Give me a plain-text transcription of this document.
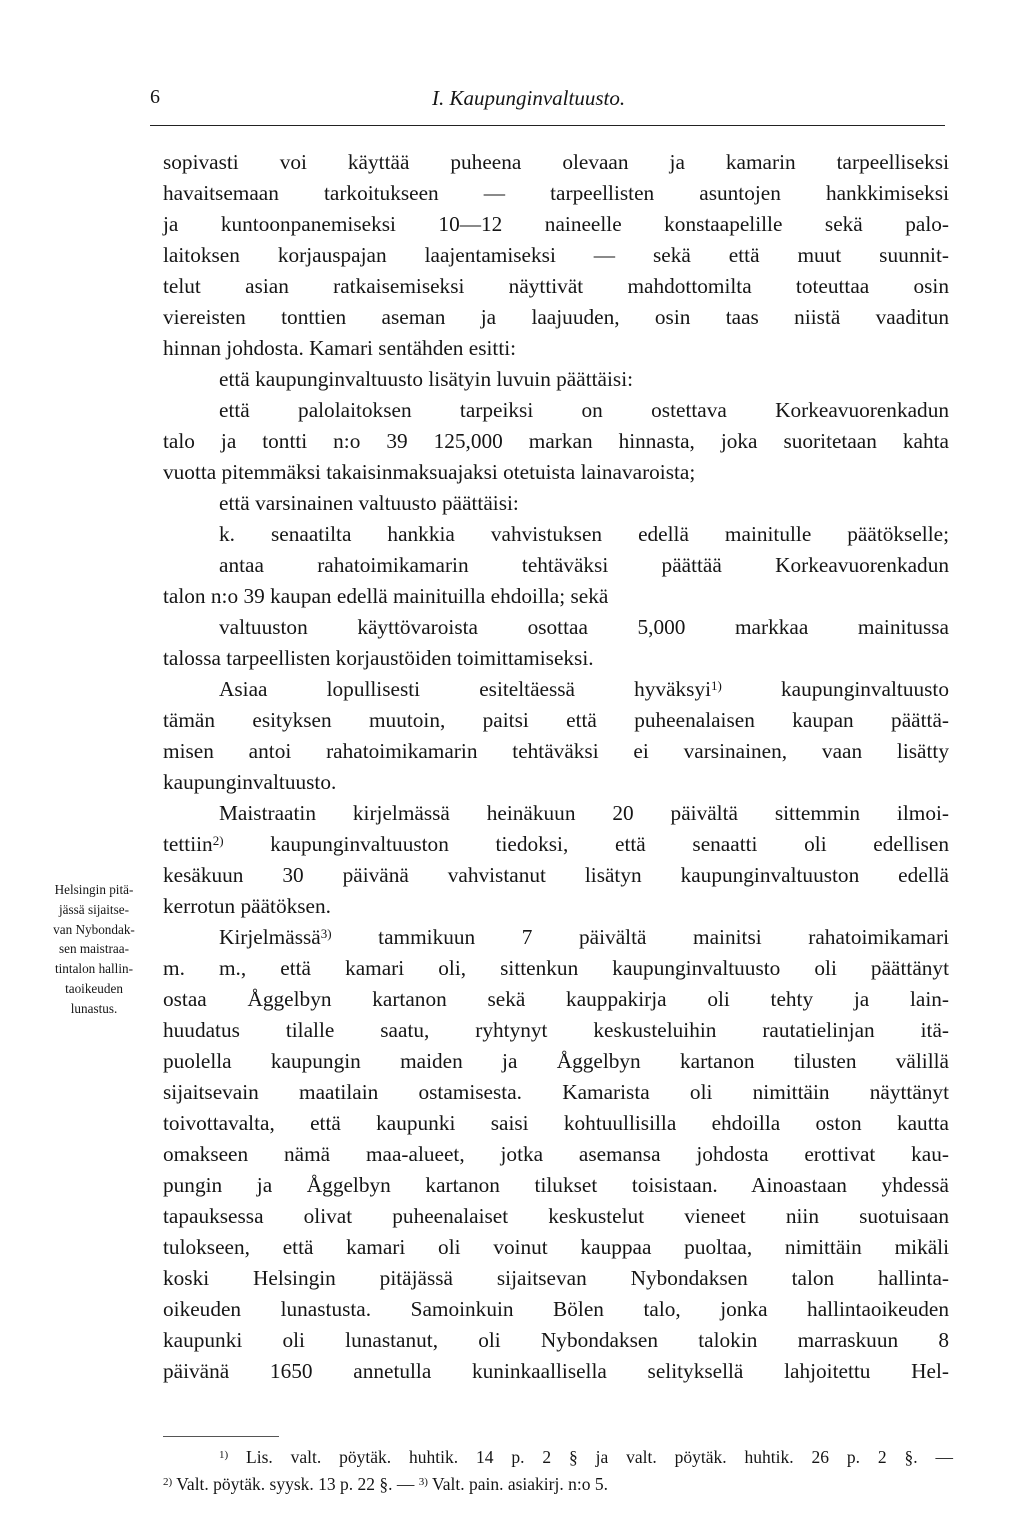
6	I. Kaupunginvaltuusto.
Helsingin pitä-
jässä sijaitse-
van Nybondak-
sen maistraa-
tintalon hallin-
taoikeuden
lunastus.
sopivasti voi käyttää puheena olevaan ja kamarin tarpeelliseksi
havaitsemaan tarkoitukseen — tarpeellisten asuntojen hankkimiseksi
ja kuntoonpanemiseksi 10—12 naineelle konstaapelille sekä palo-
laitoksen korjauspajan laajentamiseksi — sekä että muut suunnit-
telut asian ratkaisemiseksi näyttivät mahdottomilta toteuttaa osin
viereisten tonttien aseman ja laajuuden, osin taas niistä vaaditun
hinnan johdosta. Kamari sentähden esitti:
että kaupunginvaltuusto lisätyin luvuin päättäisi:
että palolaitoksen tarpeiksi on ostettava Korkeavuorenkadun
talo ja tontti n:o 39 125,000 markan hinnasta, joka suoritetaan kahta
vuotta pitemmäksi takaisinmaksuajaksi otetuista lainavaroista;
että varsinainen valtuusto päättäisi:
k. senaatilta hankkia vahvistuksen edellä mainitulle päätökselle;
antaa rahatoimikamarin tehtäväksi päättää Korkeavuorenkadun
talon n:o 39 kaupan edellä mainituilla ehdoilla; sekä
valtuuston käyttövaroista osottaa 5,000 markkaa mainitussa
talossa tarpeellisten korjaustöiden toimittamiseksi.
Asiaa lopullisesti esiteltäessä hyväksyi$^{1)}$ kaupunginvaltuusto
tämän esityksen muutoin, paitsi että puheenalaisen kaupan päättä-
misen antoi rahatoimikamarin tehtäväksi ei varsinainen, vaan lisätty
kaupunginvaltuusto.
Maistraatin kirjelmässä heinäkuun 20 päivältä sittemmin ilmoi-
tettiin$^{2)}$ kaupunginvaltuuston tiedoksi, että senaatti oli edellisen
kesäkuun 30 päivänä vahvistanut lisätyn kaupunginvaltuuston edellä
kerrotun päätöksen.
Kirjelmässä$^{3)}$ tammikuun 7 päivältä mainitsi rahatoimikamari
m. m., että kamari oli, sittenkun kaupunginvaltuusto oli päättänyt
ostaa Åggelbyn kartanon sekä kauppakirja oli tehty ja lain-
huudatus tilalle saatu, ryhtynyt keskusteluihin rautatielinjan itä-
puolella kaupungin maiden ja Åggelbyn kartanon tilusten välillä
sijaitsevain maatilain ostamisesta. Kamarista oli nimittäin näyttänyt
toivottavalta, että kaupunki saisi kohtuullisilla ehdoilla oston kautta
omakseen nämä maa-alueet, jotka asemansa johdosta erottivat kau-
pungin ja Åggelbyn kartanon tilukset toisistaan. Ainoastaan yhdessä
tapauksessa olivat puheenalaiset keskustelut vieneet niin suotuisaan
tulokseen, että kamari oli voinut kauppaa puoltaa, nimittäin mikäli
koski Helsingin pitäjässä sijaitsevan Nybondaksen talon hallinta-
oikeuden lunastusta. Samoinkuin Bölen talo, jonka hallintaoikeuden
kaupunki oli lunastanut, oli Nybondaksen talokin marraskuun 8
päivänä 1650 annetulla kuninkaallisella selityksellä lahjoitettu Hel-
$^{1)}$ Lis. valt. pöytäk. huhtik. 14 p. 2 § ja valt. pöytäk. huhtik. 26 p. 2 §. —
$^{2)}$ Valt. pöytäk. syysk. 13 p. 22 §. — $^{3)}$ Valt. pain. asiakirj. n:o 5.
